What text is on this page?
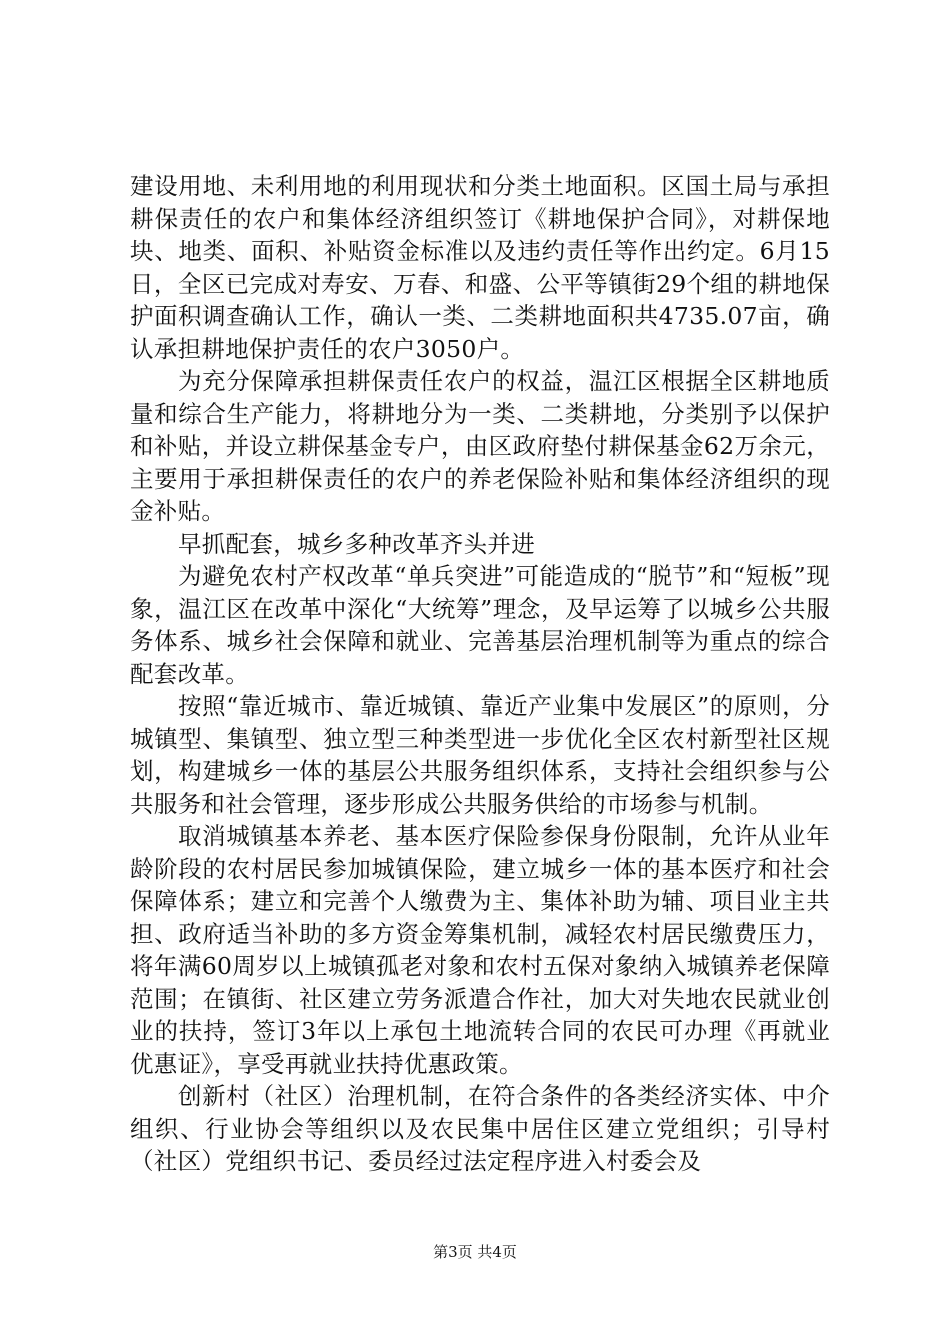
建设用地、未利用地的利用现状和分类土地面积。区国土局与承担耕保责任的农户和集体经济组织签订《耕地保护合同》，对耕保地块、地类、面积、补贴资金标准以及违约责任等作出约定。6月15日，全区已完成对寿安、万春、和盛、公平等镇街29个组的耕地保护面积调查确认工作，确认一类、二类耕地面积共4735.07亩，确认承担耕地保护责任的农户3050户。

为充分保障承担耕保责任农户的权益，温江区根据全区耕地质量和综合生产能力，将耕地分为一类、二类耕地，分类别予以保护和补贴，并设立耕保基金专户，由区政府垫付耕保基金62万余元，主要用于承担耕保责任的农户的养老保险补贴和集体经济组织的现金补贴。

早抓配套，城乡多种改革齐头并进

为避免农村产权改革“单兵突进”可能造成的“脱节”和“短板”现象，温江区在改革中深化“大统筹”理念，及早运筹了以城乡公共服务体系、城乡社会保障和就业、完善基层治理机制等为重点的综合配套改革。

按照“靠近城市、靠近城镇、靠近产业集中发展区”的原则，分城镇型、集镇型、独立型三种类型进一步优化全区农村新型社区规划，构建城乡一体的基层公共服务组织体系，支持社会组织参与公共服务和社会管理，逐步形成公共服务供给的市场参与机制。

取消城镇基本养老、基本医疗保险参保身份限制，允许从业年龄阶段的农村居民参加城镇保险，建立城乡一体的基本医疗和社会保障体系；建立和完善个人缴费为主、集体补助为辅、项目业主共担、政府适当补助的多方资金筹集机制，减轻农村居民缴费压力，将年满60周岁以上城镇孤老对象和农村五保对象纳入城镇养老保障范围；在镇街、社区建立劳务派遣合作社，加大对失地农民就业创业的扶持，签订3年以上承包土地流转合同的农民可办理《再就业优惠证》，享受再就业扶持优惠政策。

创新村（社区）治理机制，在符合条件的各类经济实体、中介组织、行业协会等组织以及农民集中居住区建立党组织；引导村（社区）党组织书记、委员经过法定程序进入村委会及

第3页 共4页
